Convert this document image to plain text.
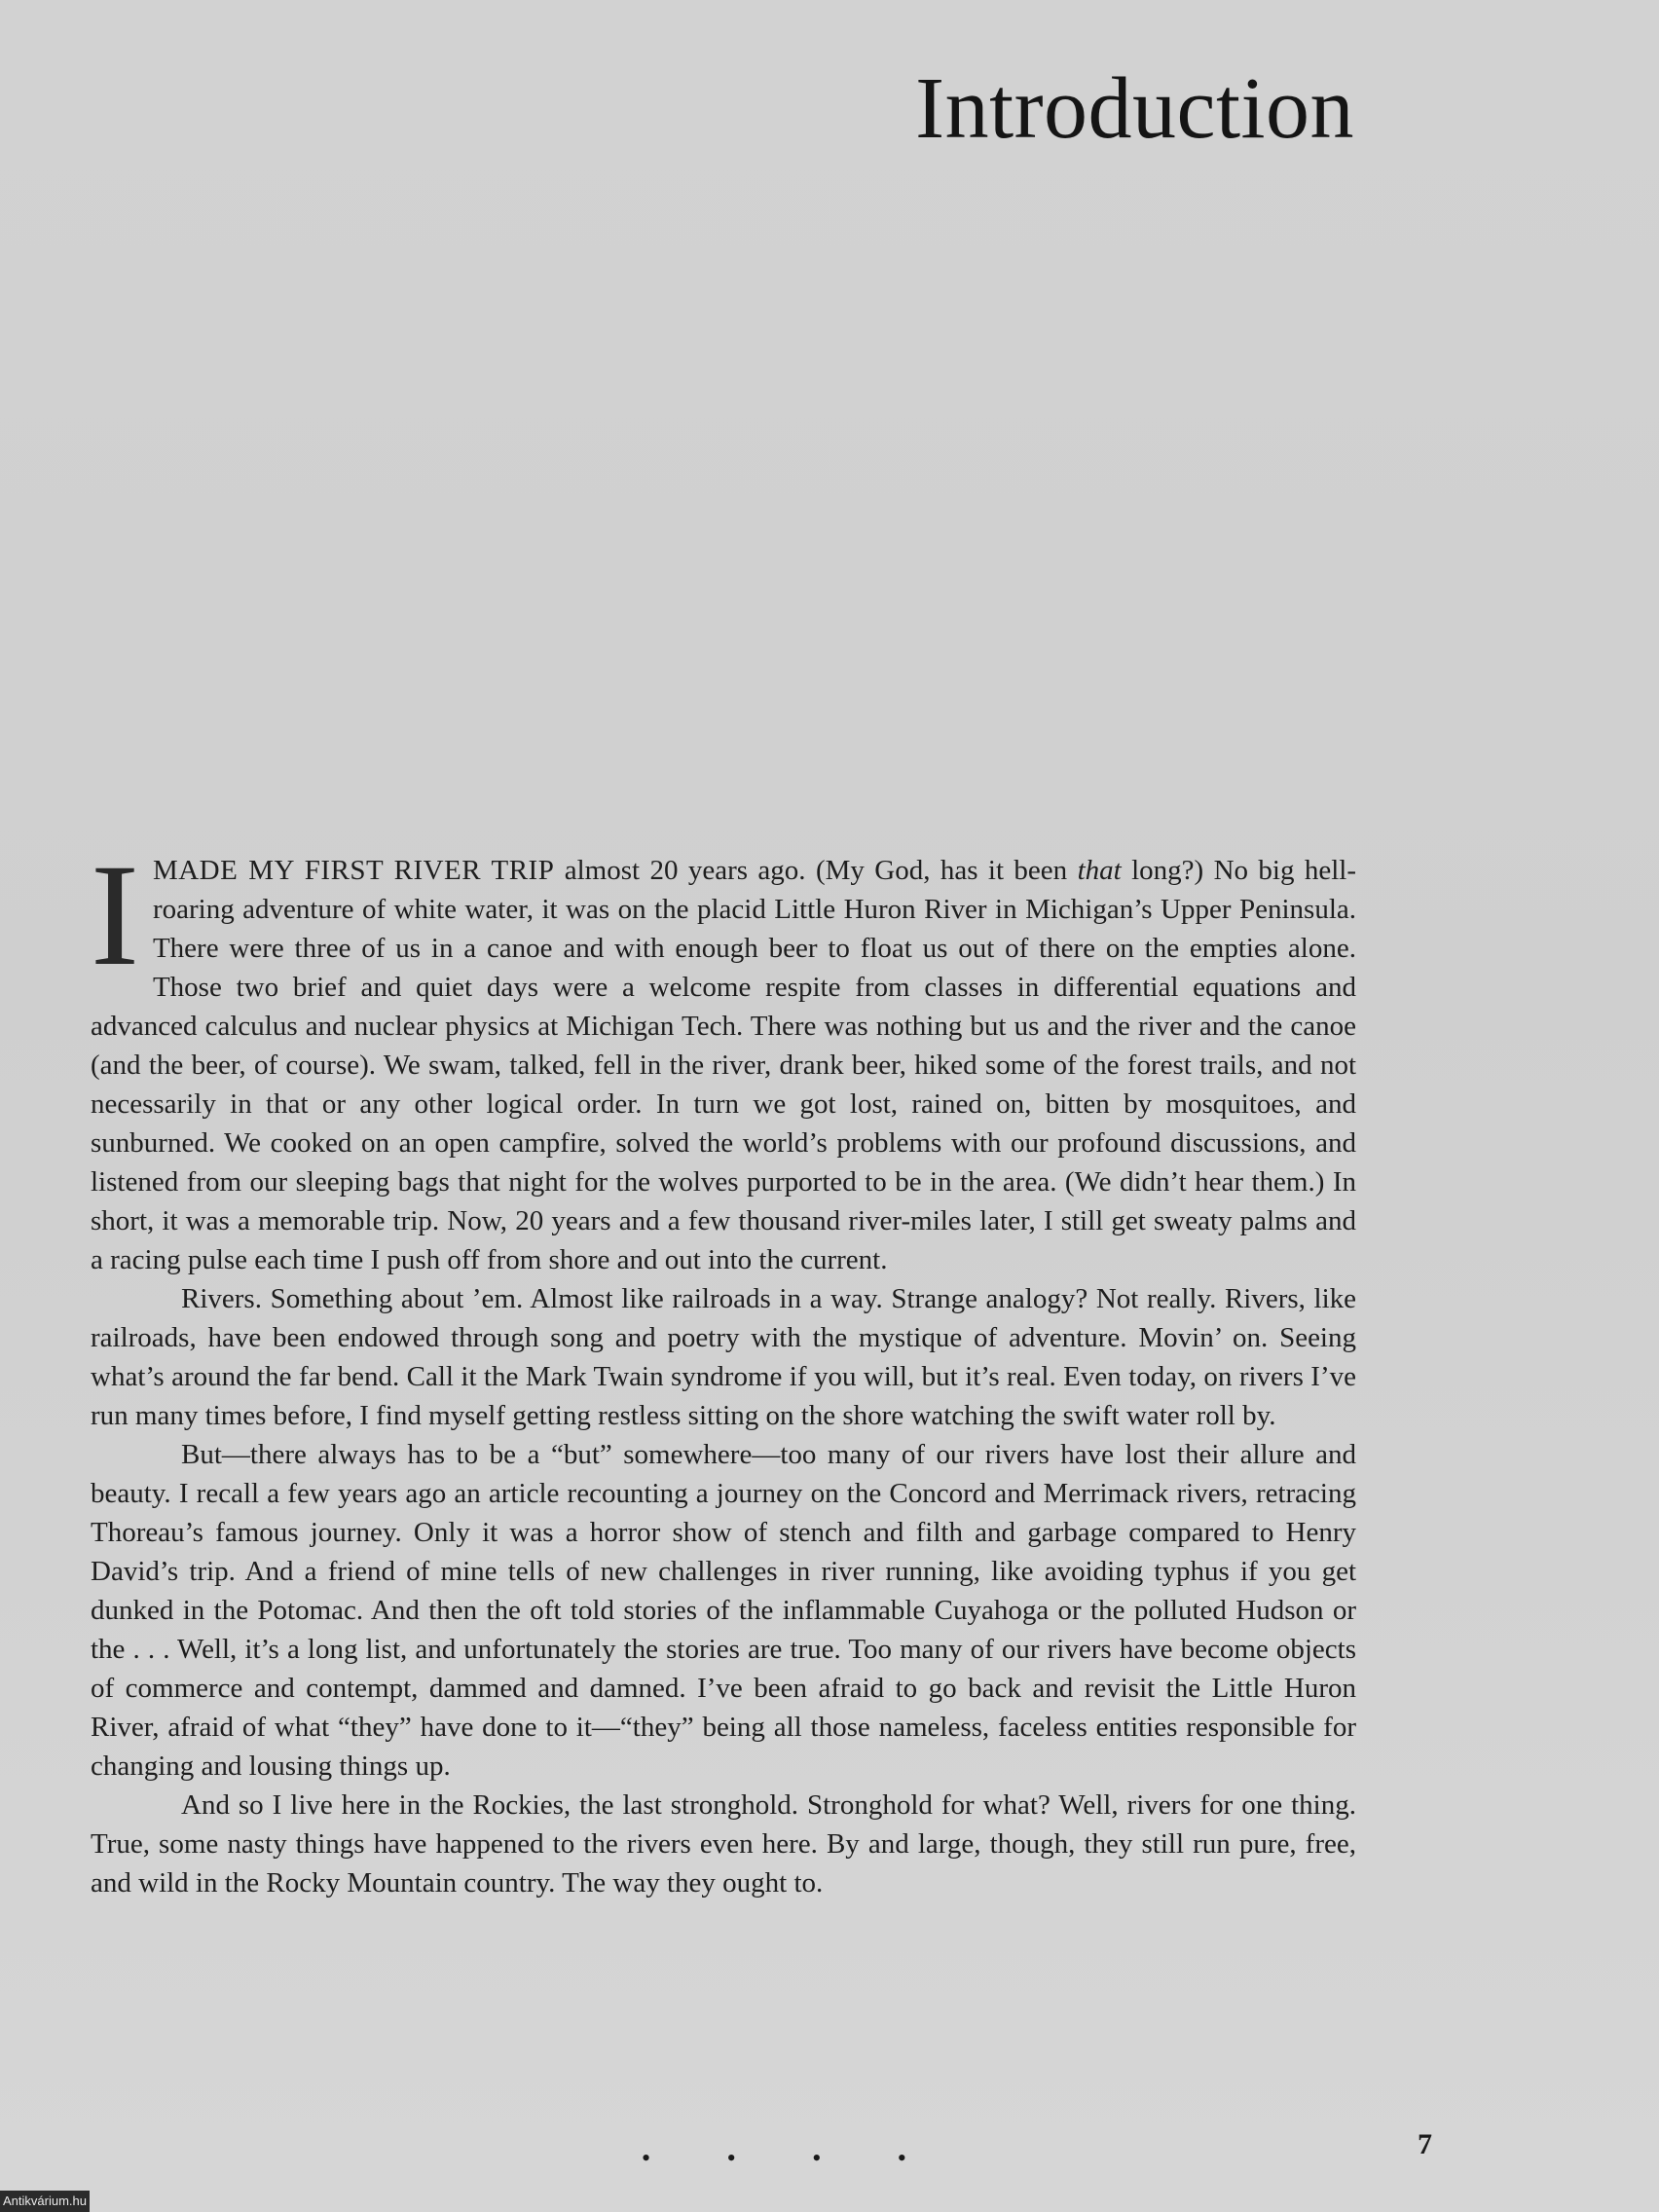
Introduction

IMADE MY FIRST RIVER TRIP almost 20 years ago. (My God, has it been that long?) No big hell-roaring adventure of white water, it was on the placid Little Huron River in Michigan’s Upper Peninsula. There were three of us in a canoe and with enough beer to float us out of there on the empties alone. Those two brief and quiet days were a welcome respite from classes in differential equations and advanced calculus and nuclear physics at Michigan Tech. There was nothing but us and the river and the canoe (and the beer, of course). We swam, talked, fell in the river, drank beer, hiked some of the forest trails, and not necessarily in that or any other logical order. In turn we got lost, rained on, bitten by mosquitoes, and sunburned. We cooked on an open campfire, solved the world’s problems with our profound discussions, and listened from our sleeping bags that night for the wolves purported to be in the area. (We didn’t hear them.) In short, it was a memorable trip. Now, 20 years and a few thousand river-miles later, I still get sweaty palms and a racing pulse each time I push off from shore and out into the current.

Rivers. Something about ’em. Almost like railroads in a way. Strange analogy? Not really. Rivers, like railroads, have been endowed through song and poetry with the mystique of adventure. Movin’ on. Seeing what’s around the far bend. Call it the Mark Twain syndrome if you will, but it’s real. Even today, on rivers I’ve run many times before, I find myself getting restless sitting on the shore watching the swift water roll by.

But—there always has to be a “but” somewhere—too many of our rivers have lost their allure and beauty. I recall a few years ago an article recounting a journey on the Concord and Merrimack rivers, retracing Thoreau’s famous journey. Only it was a horror show of stench and filth and garbage compared to Henry David’s trip. And a friend of mine tells of new challenges in river running, like avoiding typhus if you get dunked in the Potomac. And then the oft told stories of the inflammable Cuyahoga or the polluted Hudson or the . . . Well, it’s a long list, and unfortunately the stories are true. Too many of our rivers have become objects of commerce and contempt, dammed and damned. I’ve been afraid to go back and revisit the Little Huron River, afraid of what “they” have done to it—“they” being all those nameless, faceless entities responsible for changing and lousing things up.

And so I live here in the Rockies, the last stronghold. Stronghold for what? Well, rivers for one thing. True, some nasty things have happened to the rivers even here. By and large, though, they still run pure, free, and wild in the Rocky Mountain country. The way they ought to.

• • • •	7
Antikvárium.hu
